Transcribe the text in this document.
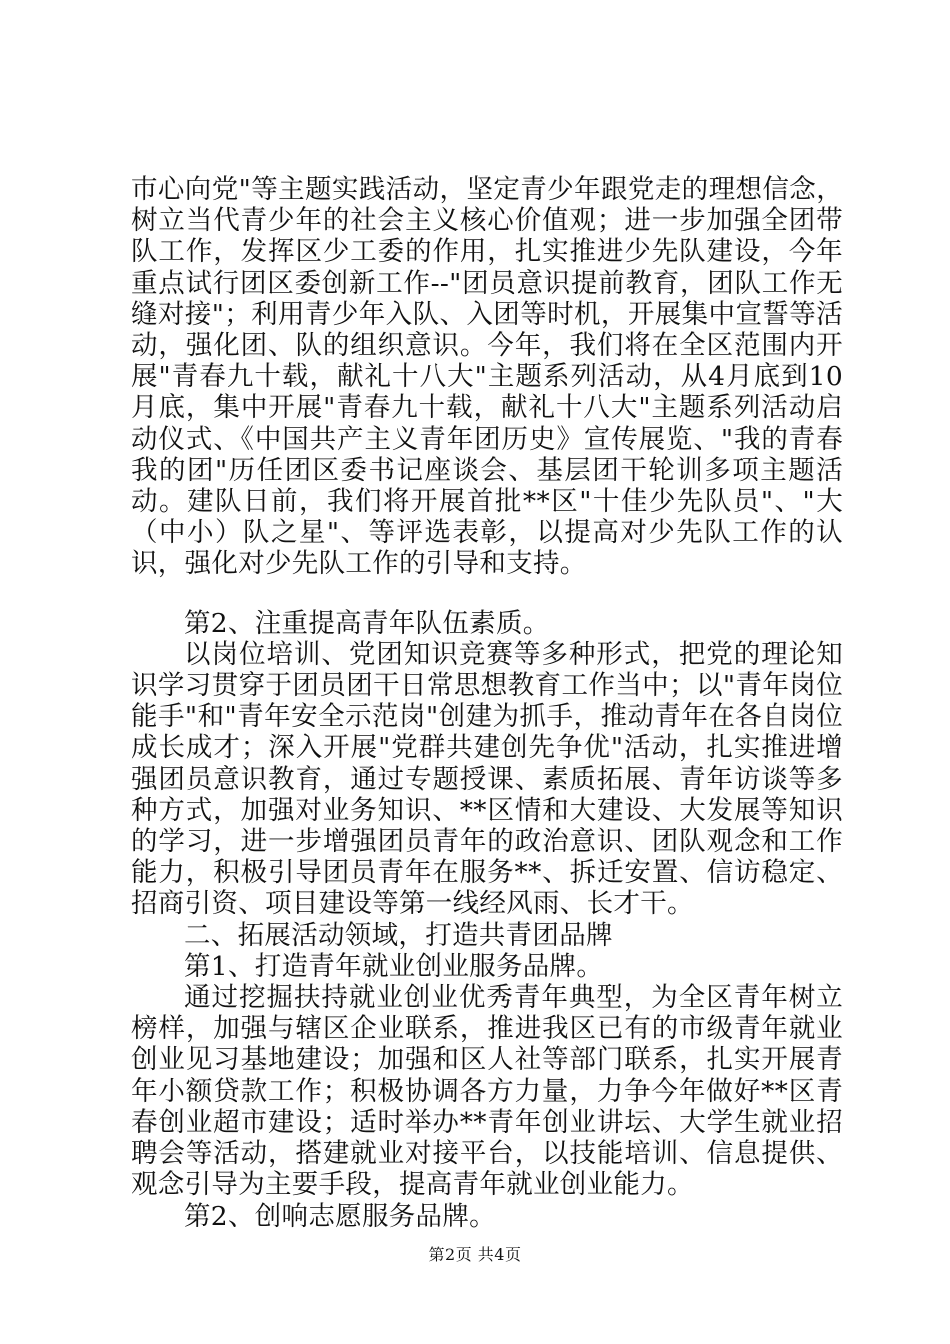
巿心向党"等主题实践活动，坚定青少年跟党走的理想信念，树立当代青少年的社会主义核心价值观；进一步加强全团带队工作，发挥区少工委的作用，扎实推进少先队建设，今年重点试行团区委创新工作--"团员意识提前教育，团队工作无缝对接"；利用青少年入队、入团等时机，开展集中宣誓等活动，强化团、队的组织意识。今年，我们将在全区范围内开展"青春九十载，献礼十八大"主题系列活动，从4月底到10月底，集中开展"青春九十载，献礼十八大"主题系列活动启动仪式、《中国共产主义青年团历史》宣传展览、"我的青春我的团"历任团区委书记座谈会、基层团干轮训多项主题活动。建队日前，我们将开展首批**区"十佳少先队员"、"大（中小）队之星"、等评选表彰，以提高对少先队工作的认识，强化对少先队工作的引导和支持。

第2、注重提高青年队伍素质。

以岗位培训、党团知识竞赛等多种形式，把党的理论知识学习贯穿于团员团干日常思想教育工作当中；以"青年岗位能手"和"青年安全示范岗"创建为抓手，推动青年在各自岗位成长成才；深入开展"党群共建创先争优"活动，扎实推进增强团员意识教育，通过专题授课、素质拓展、青年访谈等多种方式，加强对业务知识、**区情和大建设、大发展等知识的学习，进一步增强团员青年的政治意识、团队观念和工作能力，积极引导团员青年在服务**、拆迁安置、信访稳定、招商引资、项目建设等第一线经风雨、长才干。

二、拓展活动领域，打造共青团品牌

第1、打造青年就业创业服务品牌。

通过挖掘扶持就业创业优秀青年典型，为全区青年树立榜样，加强与辖区企业联系，推进我区已有的市级青年就业创业见习基地建设；加强和区人社等部门联系，扎实开展青年小额贷款工作；积极协调各方力量，力争今年做好**区青春创业超市建设；适时举办**青年创业讲坛、大学生就业招聘会等活动，搭建就业对接平台，以技能培训、信息提供、观念引导为主要手段，提高青年就业创业能力。

第2、创响志愿服务品牌。

第2页 共4页
